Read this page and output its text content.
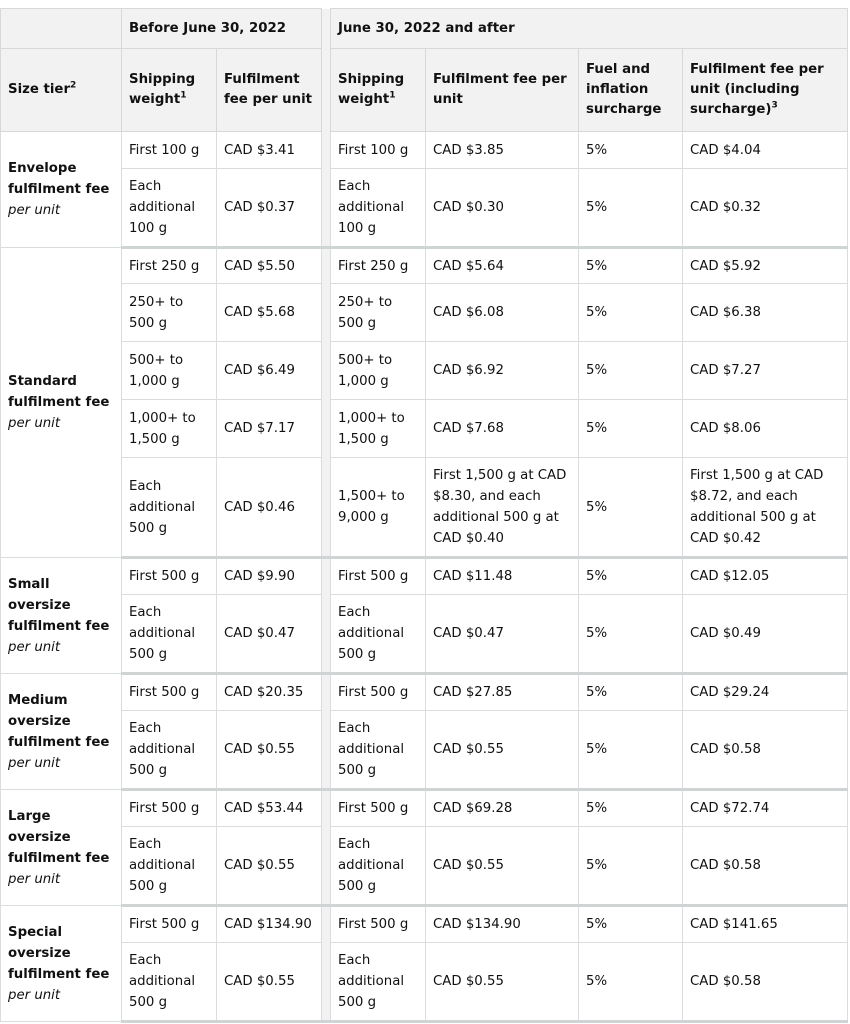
	Before June 30, 2022			June 30, 2022 and after			
Size tier$^2$	Shipping weight$^1$	Fulfilment fee per unit		Shipping weight$^1$	Fulfilment fee per unit	Fuel and inflation surcharge	Fulfilment fee per unit (including surcharge)$^3$

Envelope fulfilment fee
per unit	First 100 g	CAD $3.41		First 100 g	CAD $3.85	5%	CAD $4.04
	Each additional 100 g	CAD $0.37		Each additional 100 g	CAD $0.30	5%	CAD $0.32

Standard fulfilment fee
per unit	First 250 g	CAD $5.50		First 250 g	CAD $5.64	5%	CAD $5.92
	250+ to 500 g	CAD $5.68		250+ to 500 g	CAD $6.08	5%	CAD $6.38
	500+ to 1,000 g	CAD $6.49		500+ to 1,000 g	CAD $6.92	5%	CAD $7.27
	1,000+ to 1,500 g	CAD $7.17		1,000+ to 1,500 g	CAD $7.68	5%	CAD $8.06
	Each additional 500 g	CAD $0.46		1,500+ to 9,000 g	First 1,500 g at CAD $8.30, and each additional 500 g at CAD $0.40	5%	First 1,500 g at CAD $8.72, and each additional 500 g at CAD $0.42

Small oversize fulfilment fee
per unit	First 500 g	CAD $9.90		First 500 g	CAD $11.48	5%	CAD $12.05
	Each additional 500 g	CAD $0.47		Each additional 500 g	CAD $0.47	5%	CAD $0.49

Medium oversize fulfilment fee
per unit	First 500 g	CAD $20.35		First 500 g	CAD $27.85	5%	CAD $29.24
	Each additional 500 g	CAD $0.55		Each additional 500 g	CAD $0.55	5%	CAD $0.58

Large oversize fulfilment fee
per unit	First 500 g	CAD $53.44		First 500 g	CAD $69.28	5%	CAD $72.74
	Each additional 500 g	CAD $0.55		Each additional 500 g	CAD $0.55	5%	CAD $0.58

Special oversize fulfilment fee
per unit	First 500 g	CAD $134.90		First 500 g	CAD $134.90	5%	CAD $141.65
	Each additional 500 g	CAD $0.55		Each additional 500 g	CAD $0.55	5%	CAD $0.58
